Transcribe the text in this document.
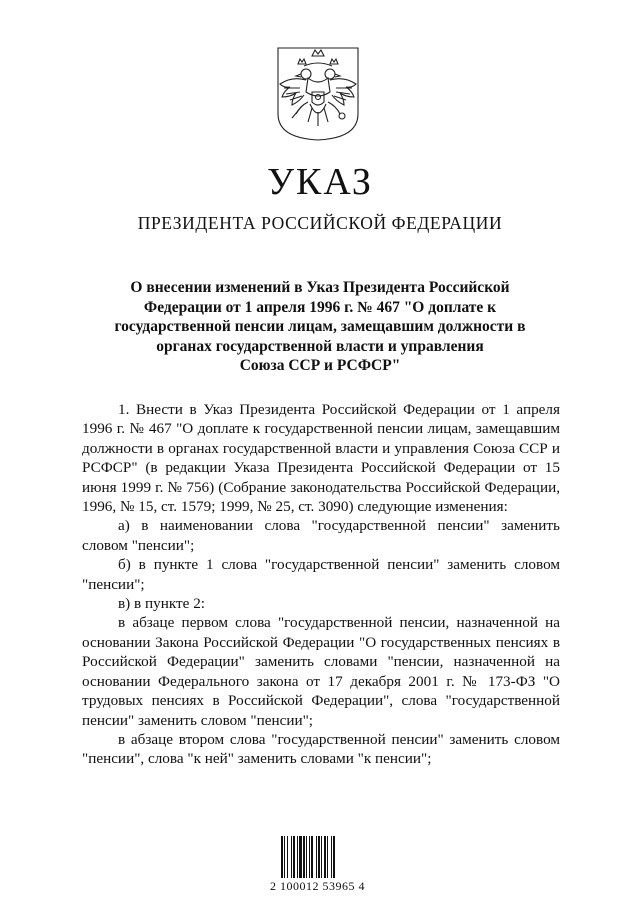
УКАЗ
ПРЕЗИДЕНТА РОССИЙСКОЙ ФЕДЕРАЦИИ
О внесении изменений в Указ Президента Российской
Федерации от 1 апреля 1996 г. № 467 "О доплате к
государственной пенсии лицам, замещавшим должности в
органах государственной власти и управления
Союза ССР и РСФСР"

1. Внести в Указ Президента Российской Федерации от 1 апреля 1996 г. № 467 "О доплате к государственной пенсии лицам, замещавшим должности в органах государственной власти и управления Союза ССР и РСФСР" (в редакции Указа Президента Российской Федерации от 15 июня 1999 г. № 756) (Собрание законодательства Российской Федерации, 1996, № 15, ст. 1579; 1999, № 25, ст. 3090) следующие изменения:

а) в наименовании слова "государственной пенсии" заменить словом "пенсии";

б) в пункте 1 слова "государственной пенсии" заменить словом "пенсии";

в) в пункте 2:

в абзаце первом слова "государственной пенсии, назначенной на основании Закона Российской Федерации "О государственных пенсиях в Российской Федерации" заменить словами "пенсии, назначенной на основании Федерального закона от 17 декабря 2001 г. № 173-ФЗ "О трудовых пенсиях в Российской Федерации", слова "государственной пенсии" заменить словом "пенсии";

в абзаце втором слова "государственной пенсии" заменить словом "пенсии", слова "к ней" заменить словами "к пенсии";

2 100012 53965 4
